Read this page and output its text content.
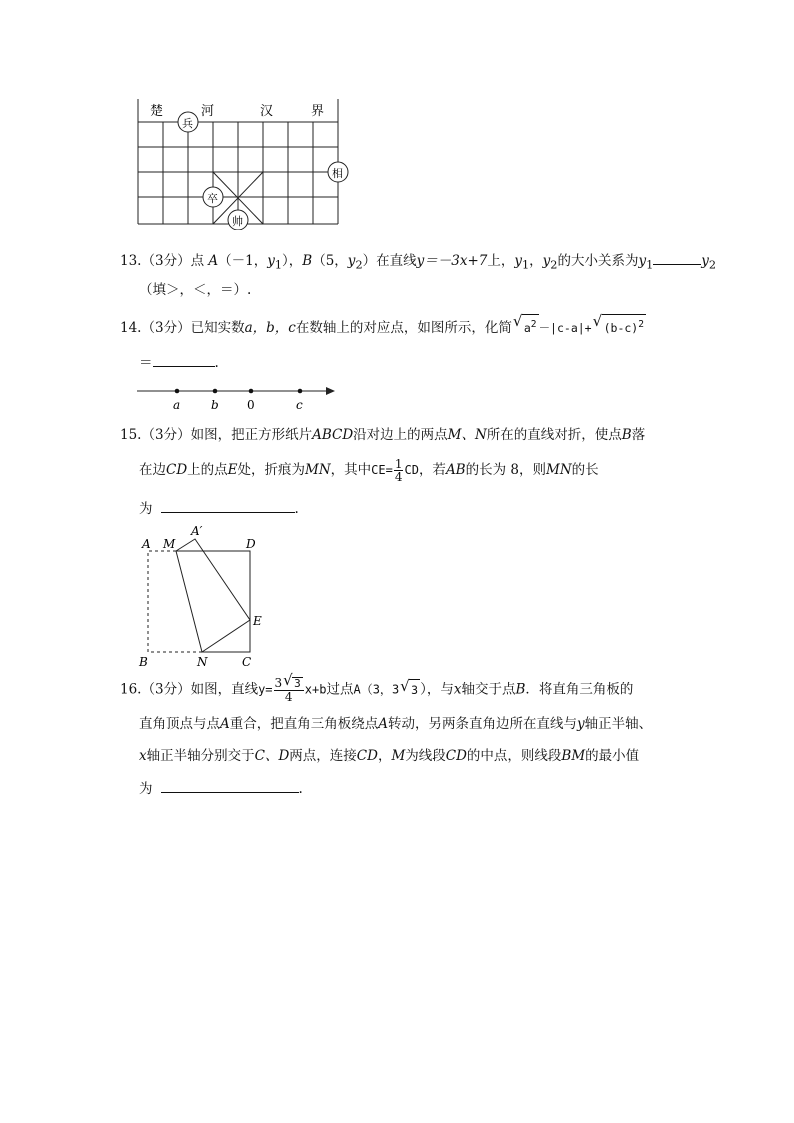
楚	河	汉	界
兵
相
卒
帅
13.（3分）点 A（－1，$y_1$），B（5，$y_2$）在直线y＝－3x+7上，$y_1$，$y_2$的大小关系为$y_1$	$y_2$
（填＞，＜，＝）.
14.（3分）已知实数a，b，c在数轴上的对应点，如图所示，化简√ $a^2 -|c-a|+√$ $(b-c)^2$
＝	.
a	b 0	c
15.（3分）如图，把正方形纸片ABCD沿对边上的两点M、N所在的直线对折，使点B落
在边CD上的点E处，折痕为MN，其中$CE= \frac{1}{4}$ CD，若AB的长为 8，则MN的长
为	.
A M
A′
D
E
B	N	C
16.（3分）如图，直线$y= \frac{3√ 3}{4} x+b$过点A（3，3√ 3 ），与x轴交于点B．将直角三角板的
直角顶点与点A重合，把直角三角板绕点A转动，另两条直角边所在直线与y轴正半轴、
x轴正半轴分别交于C、D两点，连接CD，M为线段CD的中点，则线段BM的最小值
为	.
